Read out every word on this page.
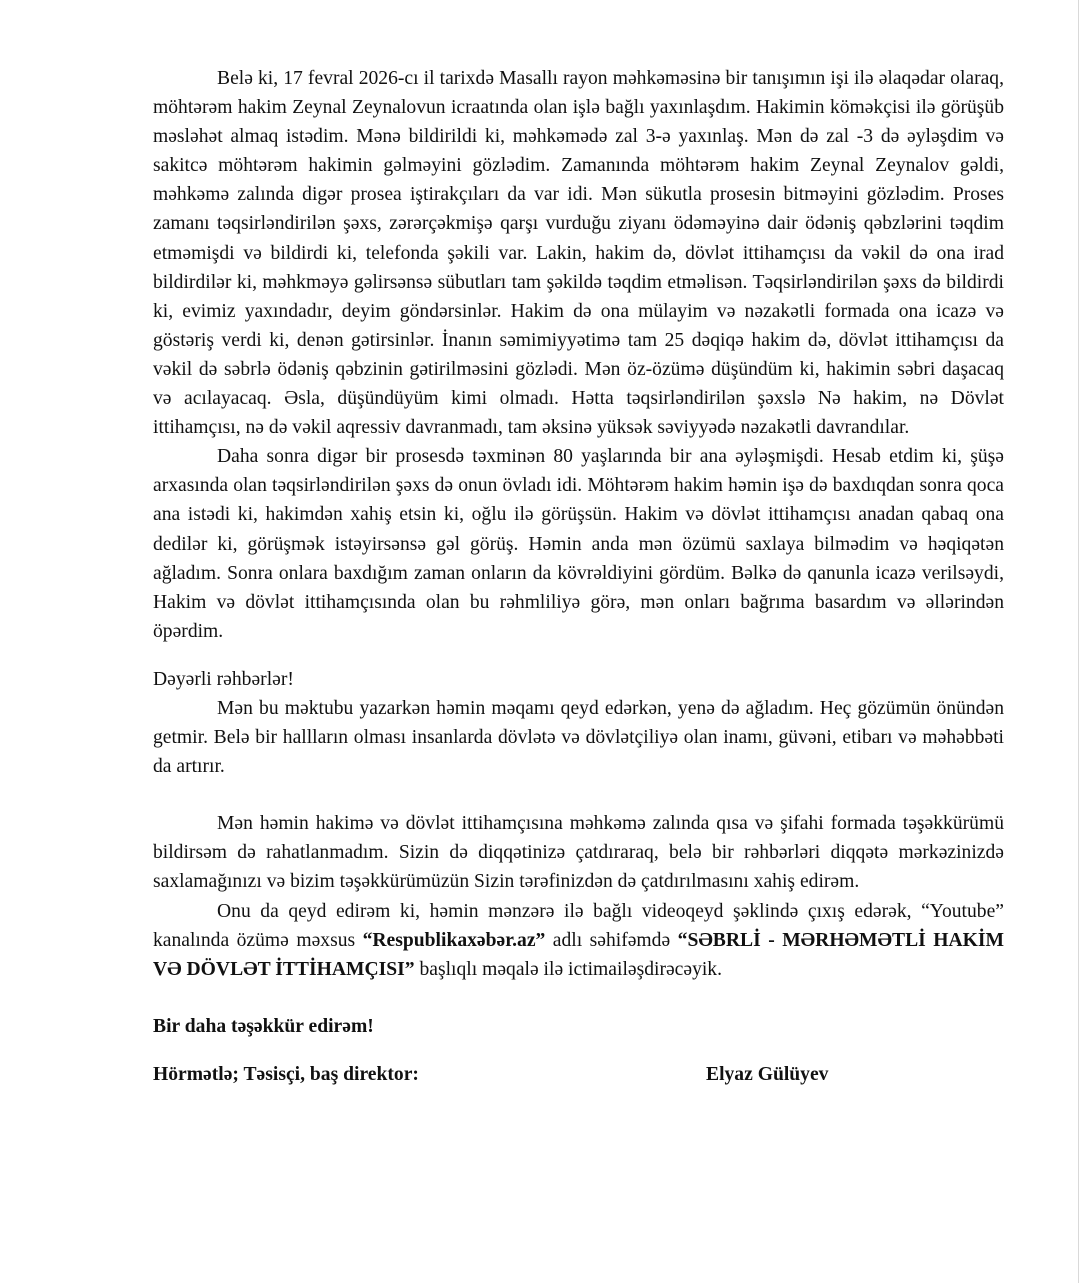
Belə ki, 17 fevral 2026-cı il tarixdə Masallı rayon məhkəməsinə bir tanışımın işi ilə əlaqədar olaraq, möhtərəm hakim Zeynal Zeynalovun icraatında olan işlə bağlı yaxınlaşdım. Hakimin köməkçisi ilə görüşüb məsləhət almaq istədim. Mənə bildirildi ki, məhkəmədə zal 3-ə yaxınlaş. Mən də zal -3 də əyləşdim və sakitcə möhtərəm hakimin gəlməyini gözlədim. Zamanında möhtərəm hakim Zeynal Zeynalov gəldi, məhkəmə zalında digər prosea iştirakçıları da var idi. Mən sükutla prosesin bitməyini gözlədim. Proses zamanı təqsirləndirilən şəxs, zərərçəkmişə qarşı vurduğu ziyanı ödəməyinə dair ödəniş qəbzlərini təqdim etməmişdi və bildirdi ki, telefonda şəkili var. Lakin, hakim də, dövlət ittihamçısı da vəkil də ona irad bildirdilər ki, məhkməyə gəlirsənsə sübutları tam şəkildə təqdim etməlisən. Təqsirləndirilən şəxs də bildirdi ki, evimiz yaxındadır, deyim göndərsinlər. Hakim də ona mülayim və nəzakətli formada ona icazə və göstəriş verdi ki, denən gətirsinlər. İnanın səmimiyyətimə tam 25 dəqiqə hakim də, dövlət ittihamçısı da vəkil də səbrlə ödəniş qəbzinin gətirilməsini gözlədi. Mən öz-özümə düşündüm ki, hakimin səbri daşacaq və acılayacaq. Əsla, düşündüyüm kimi olmadı. Hətta təqsirləndirilən şəxslə Nə hakim, nə Dövlət ittihamçısı, nə də vəkil aqressiv davranmadı, tam əksinə yüksək səviyyədə nəzakətli davrandılar.

Daha sonra digər bir prosesdə təxminən 80 yaşlarında bir ana əyləşmişdi. Hesab etdim ki, şüşə arxasında olan təqsirləndirilən şəxs də onun övladı idi. Möhtərəm hakim həmin işə də baxdıqdan sonra qoca ana istədi ki, hakimdən xahiş etsin ki, oğlu ilə görüşsün. Hakim və dövlət ittihamçısı anadan qabaq ona dedilər ki, görüşmək istəyirsənsə gəl görüş. Həmin anda mən özümü saxlaya bilmədim və həqiqətən ağladım. Sonra onlara baxdığım zaman onların da kövrəldiyini gördüm. Bəlkə də qanunla icazə verilsəydi, Hakim və dövlət ittihamçısında olan bu rəhmliliyə görə, mən onları bağrıma basardım və əllərindən öpərdim.

Dəyərli rəhbərlər!

Mən bu məktubu yazarkən həmin məqamı qeyd edərkən, yenə də ağladım. Heç gözümün önündən getmir. Belə bir hallların olması insanlarda dövlətə və dövlətçiliyə olan inamı, güvəni, etibarı və məhəbbəti da artırır.

Mən həmin hakimə və dövlət ittihamçısına məhkəmə zalında qısa və şifahi formada təşəkkürümü bildirsəm də rahatlanmadım. Sizin də diqqətinizə çatdıraraq, belə bir rəhbərləri diqqətə mərkəzinizdə saxlamağınızı və bizim təşəkkürümüzün Sizin tərəfinizdən də çatdırılmasını xahiş edirəm.

Onu da qeyd edirəm ki, həmin mənzərə ilə bağlı videoqeyd şəklində çıxış edərək, “Youtube” kanalında özümə məxsus “Respublikaxəbər.az” adlı səhifəmdə “SƏBRLİ - MƏRHƏMƏTLİ HAKİM VƏ DÖVLƏT İTTİHAMÇISI” başlıqlı məqalə ilə ictimailəşdirəcəyik.

Bir daha təşəkkür edirəm!

Hörmətlə; Təsisçi, baş direktor:	Elyaz Gülüyev
